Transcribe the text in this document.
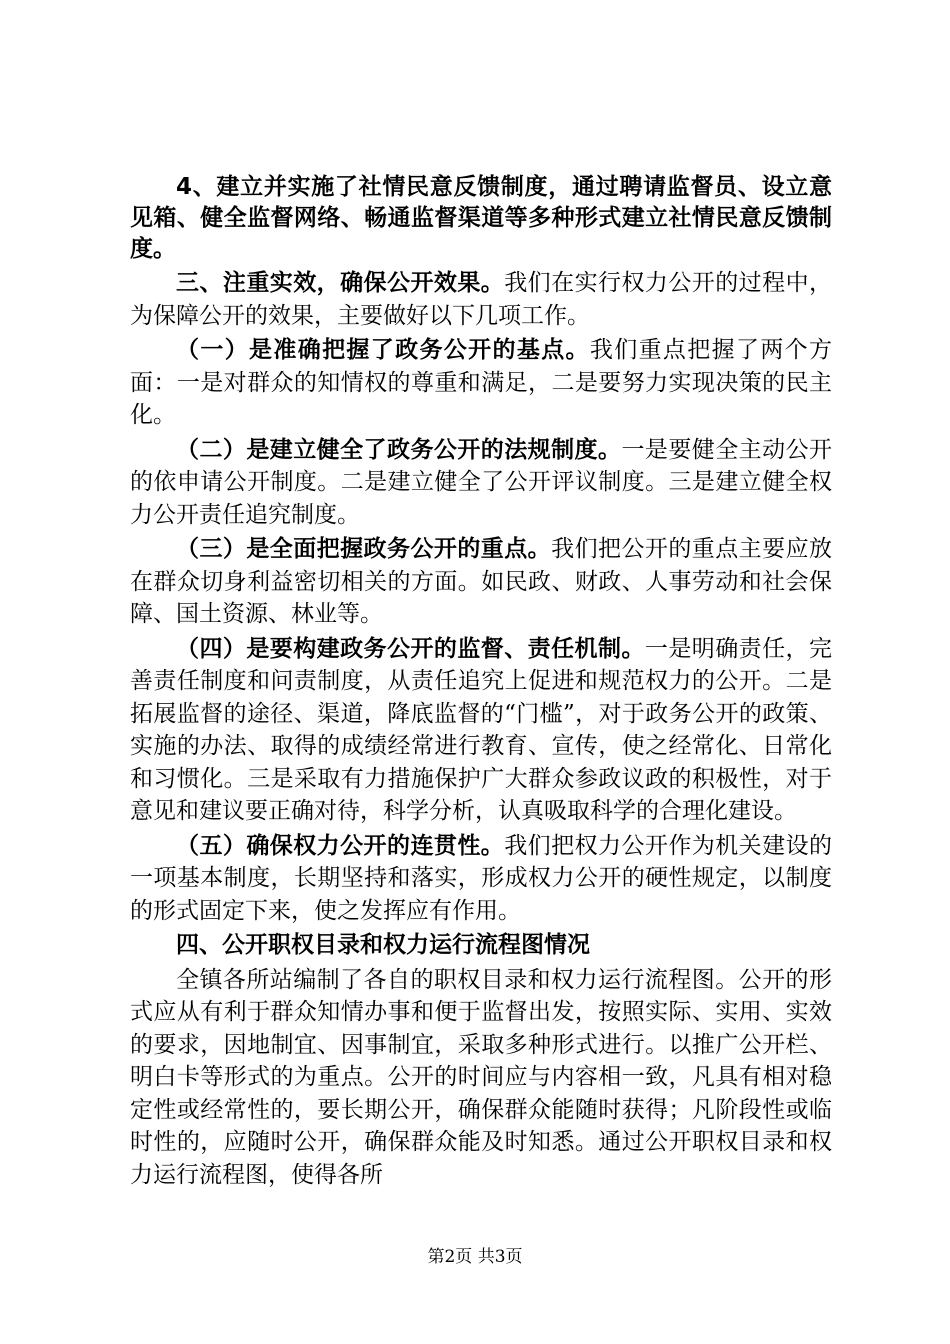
4、建立并实施了社情民意反馈制度，通过聘请监督员、设立意见箱、健全监督网络、畅通监督渠道等多种形式建立社情民意反馈制度。

三、注重实效，确保公开效果。我们在实行权力公开的过程中，为保障公开的效果，主要做好以下几项工作。

（一）是准确把握了政务公开的基点。我们重点把握了两个方面：一是对群众的知情权的尊重和满足，二是要努力实现决策的民主化。

（二）是建立健全了政务公开的法规制度。一是要健全主动公开的依申请公开制度。二是建立健全了公开评议制度。三是建立健全权力公开责任追究制度。

（三）是全面把握政务公开的重点。我们把公开的重点主要应放在群众切身利益密切相关的方面。如民政、财政、人事劳动和社会保障、国土资源、林业等。

（四）是要构建政务公开的监督、责任机制。一是明确责任，完善责任制度和问责制度，从责任追究上促进和规范权力的公开。二是拓展监督的途径、渠道，降底监督的“门槛”，对于政务公开的政策、实施的办法、取得的成绩经常进行教育、宣传，使之经常化、日常化和习惯化。三是采取有力措施保护广大群众参政议政的积极性，对于意见和建议要正确对待，科学分析，认真吸取科学的合理化建设。

（五）确保权力公开的连贯性。我们把权力公开作为机关建设的一项基本制度，长期坚持和落实，形成权力公开的硬性规定，以制度的形式固定下来，使之发挥应有作用。

四、公开职权目录和权力运行流程图情况

全镇各所站编制了各自的职权目录和权力运行流程图。公开的形式应从有利于群众知情办事和便于监督出发，按照实际、实用、实效的要求，因地制宜、因事制宜，采取多种形式进行。以推广公开栏、明白卡等形式的为重点。公开的时间应与内容相一致，凡具有相对稳定性或经常性的，要长期公开，确保群众能随时获得；凡阶段性或临时性的，应随时公开，确保群众能及时知悉。通过公开职权目录和权力运行流程图，使得各所

第2页 共3页
